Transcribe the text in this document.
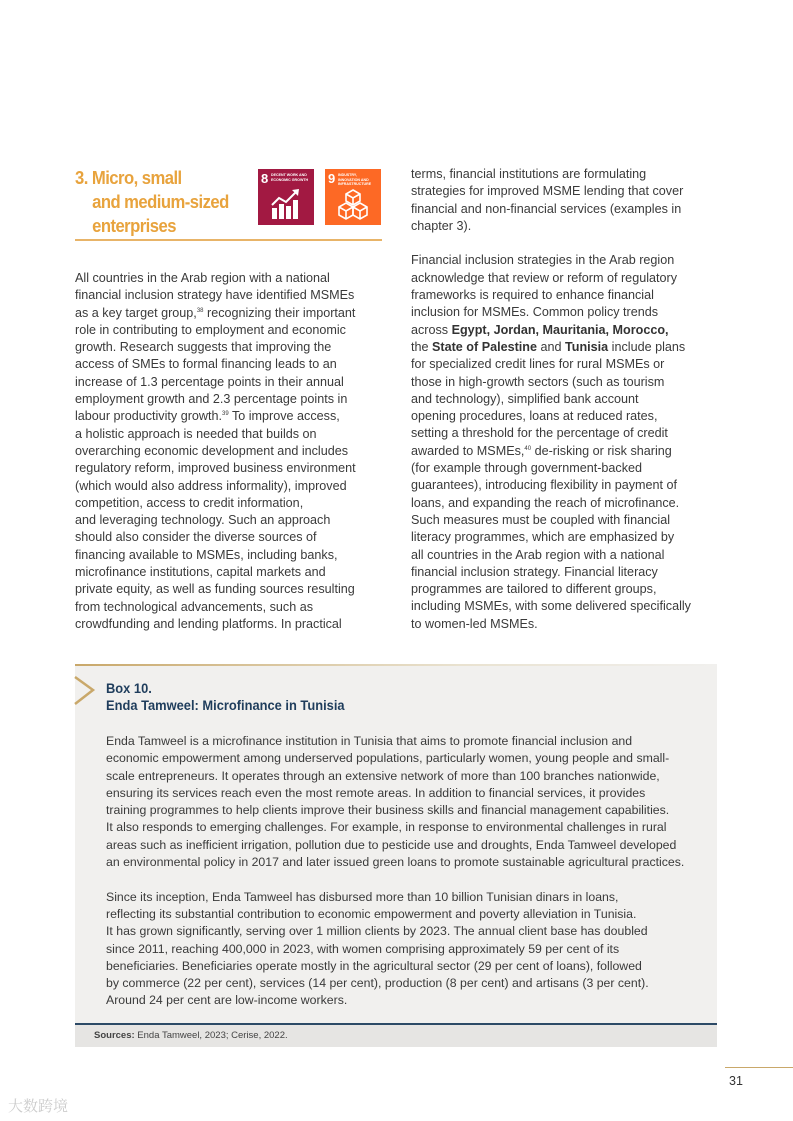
3. Micro, small

and medium-sized
enterprises
8 DECENT WORK AND ECONOMIC GROWTH 9 INDUSTRY, INNOVATION AND INFRASTRUCTURE
All countries in the Arab region with a national
financial inclusion strategy have identified MSMEs
as a key target group,$^{38}$ recognizing their important
role in contributing to employment and economic
growth. Research suggests that improving the
access of SMEs to formal financing leads to an
increase of 1.3 percentage points in their annual
employment growth and 2.3 percentage points in
labour productivity growth.$^{39}$ To improve access,
a holistic approach is needed that builds on
overarching economic development and includes
regulatory reform, improved business environment
(which would also address informality), improved
competition, access to credit information,
and leveraging technology. Such an approach
should also consider the diverse sources of
financing available to MSMEs, including banks,
microfinance institutions, capital markets and
private equity, as well as funding sources resulting
from technological advancements, such as
crowdfunding and lending platforms. In practical
terms, financial institutions are formulating
strategies for improved MSME lending that cover
financial and non-financial services (examples in
chapter 3).
Financial inclusion strategies in the Arab region
acknowledge that review or reform of regulatory
frameworks is required to enhance financial
inclusion for MSMEs. Common policy trends
across Egypt, Jordan, Mauritania, Morocco,
the State of Palestine and Tunisia include plans
for specialized credit lines for rural MSMEs or
those in high-growth sectors (such as tourism
and technology), simplified bank account
opening procedures, loans at reduced rates,
setting a threshold for the percentage of credit
awarded to MSMEs,$^{40}$ de-risking or risk sharing
(for example through government-backed
guarantees), introducing flexibility in payment of
loans, and expanding the reach of microfinance.
Such measures must be coupled with financial
literacy programmes, which are emphasized by
all countries in the Arab region with a national
financial inclusion strategy. Financial literacy
programmes are tailored to different groups,
including MSMEs, with some delivered specifically
to women-led MSMEs.
Box 10.
Enda Tamweel: Microfinance in Tunisia
Enda Tamweel is a microfinance institution in Tunisia that aims to promote financial inclusion and
economic empowerment among underserved populations, particularly women, young people and small-
scale entrepreneurs. It operates through an extensive network of more than 100 branches nationwide,
ensuring its services reach even the most remote areas. In addition to financial services, it provides
training programmes to help clients improve their business skills and financial management capabilities.
It also responds to emerging challenges. For example, in response to environmental challenges in rural
areas such as inefficient irrigation, pollution due to pesticide use and droughts, Enda Tamweel developed
an environmental policy in 2017 and later issued green loans to promote sustainable agricultural practices.
Since its inception, Enda Tamweel has disbursed more than 10 billion Tunisian dinars in loans,
reflecting its substantial contribution to economic empowerment and poverty alleviation in Tunisia.
It has grown significantly, serving over 1 million clients by 2023. The annual client base has doubled
since 2011, reaching 400,000 in 2023, with women comprising approximately 59 per cent of its
beneficiaries. Beneficiaries operate mostly in the agricultural sector (29 per cent of loans), followed
by commerce (22 per cent), services (14 per cent), production (8 per cent) and artisans (3 per cent).
Around 24 per cent are low-income workers.
Sources: Enda Tamweel, 2023; Cerise, 2022.
31
大数跨境
